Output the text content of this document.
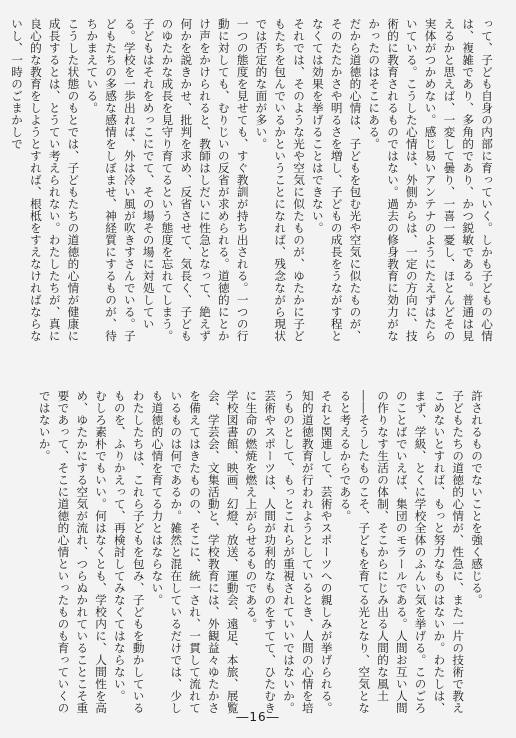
って、子ども自身の内部に育っていく。しかも子どもの心情は、複雑であり、多角的であり、かつ鋭敏である。普通は見えるかと思えば、一変して曇り、一喜一憂し、ほとんどその実体がつかめない。感じ易いアンテナのようにたえずはたらいている。こうした心情は、外側からは、一定の方向に、技術的に教育されるものではない。過去の修身教育に効力がなかったのはそこにある。

だから道徳的心情は、子どもを包む光や空気に似たものが、そのたたかさや明るさを増し、子どもの成長をうながす程となくては効果を挙げることはできない。

それでは、そのような光や空気に似たものが、ゆたかに子どもたちを包んでいるかということになれば、残念ながら現状では否定的な面が多い。

一つの態度を見せても、すぐ教訓が持ち出される。一つの行動に対しても、むりじいの反省が求められる。道徳的にとかけ声をかけられると、教師はしだいに性急となって、絶えず何かを説きかせ、批判を求め、反省させて、気長く、子どものゆたかな成長を見守り育てるという態度を忘れてしまう。子どもはそれをめっこにでて、その場その場に対処している。学校を一歩出れば、外は冷い風が吹きすさんでいる。子どもたちの多感な感情をしぼませ、神経質にするものが、待ちかまえている。

こうした状態のもとでは、子どもたちの道徳的心情が健康に成長するとは、とうてい考えられない。わたしたちが、真に良心的な教育をしようとすれば、根柢をすえなければならないし、一時のごまかしで

許されるものでないことを強く感じる。

子どもたちの道徳的心情が、性急に、また一片の技術で教えこめないとすれば、もっと努力なものはないか。わたしは、まず、学級、とくに学校全体のふんい気を挙げる。このごろのことばでいえば、集団のモラールである。人間お互い人間の作りなす生活の体制、そこからにじみ出る人間的な風土――そうしたものこそ、子どもを育てる光となり、空気となると考えるからである。

それと関連して、芸術やスポーツへの親しみが挙げられる。知的道徳教育が行われようとしているとき、人間の心情を培うものとして、もっとこれらが重視されていいではないか。芸術やスポーツは、人間が功利的なものをすてて、ひたむきに生命の燃焼を燃え上がらせるものである。

学校図書館、映画、幻燈、放送、運動会、遠足、本旅、展覧会、学芸会、文集活動と、学校教育には、外観益々ゆたかさを備えてはきたものの、そこに、統一され、一貫して流れているものは何であるか。雑然と混在しているだけでは、少しも道徳的心情を育てる力とはならない。

わたしたちは、これら子どもを包み、子どもを動かしているものを、ふりかえって、再検討してみなくてはならない。

むしろ素朴でもいい。何はなくとも、学校内に、人間性を高め、ゆたかにする空気が流れ、つらぬかれていることこそ重要であって、そこに道徳的心情といったものも育っていくのではないか。

―16―
